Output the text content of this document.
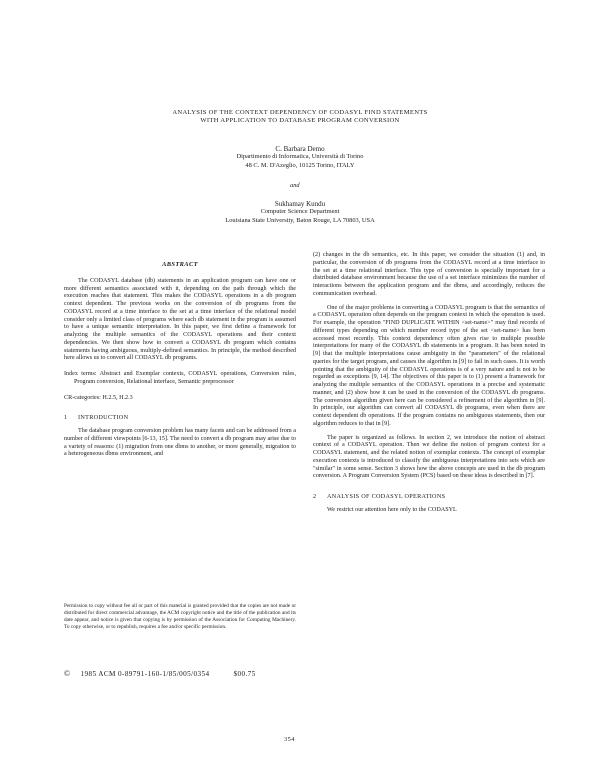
ANALYSIS OF THE CONTEXT DEPENDENCY OF CODASYL FIND STATEMENTS
WITH APPLICATION TO DATABASE PROGRAM CONVERSION
C. Barbara Demo
Dipartimento di Informatica, Università di Torino
48 C. M. D'Azeglio, 10125 Torino, ITALY
and
Sukhamay Kundu
Computer Science Department
Louisiana State University, Baton Rouge, LA 70803, USA

ABSTRACT

The CODASYL database (db) statements in an application program can have one or more different semantics associated with it, depending on the path through which the execution reaches that statement. This makes the CODASYL operations in a db program context dependent. The previous works on the conversion of db programs from the CODASYL record at a time interface to the set at a time interface of the relational model consider only a limited class of programs where each db statement in the program is assumed to have a unique semantic interpretation. In this paper, we first define a framework for analyzing the multiple semantics of the CODASYL operations and their context dependencies. We then show how to convert a CODASYL db program which contains statements having ambiguous, multiply-defined semantics. In principle, the method described here allows us to convert all CODASYL db programs.

Index terms: Abstract and Exemplar contexts, CODASYL operations, Conversion rules, Program conversion, Relational interface, Semantic preprocessor

CR-categories: H.2.5, H.2.3

1 INTRODUCTION

The database program conversion problem has many facets and can be addressed from a number of different viewpoints [6-13, 15]. The need to convert a db program may arise due to a variety of reasons: (1) migration from one dbms to another, or more generally, migration to a heterogeneous dbms environment, and

Permission to copy without fee all or part of this material is granted provided that the copies are not made or distributed for direct commercial advantage, the ACM copyright notice and the title of the publication and its date appear, and notice is given that copying is by permission of the Association for Computing Machinery. To copy otherwise, or to republish, requires a fee and/or specific permission.
© 1985 ACM 0-89791-160-1/85/005/0354	$00.75

(2) changes in the db semantics, etc. In this paper, we consider the situation (1) and, in particular, the conversion of db programs from the CODASYL record at a time interface to the set at a time relational interface. This type of conversion is specially important for a distributed database environment because the use of a set interface minimizes the number of interactions between the application program and the dbms, and accordingly, reduces the communication overhead.

One of the major problems in converting a CODASYL program is that the semantics of a CODASYL operation often depends on the program context in which the operation is used. For example, the operation "FIND DUPLICATE WITHIN <set-name>" may find records of different types depending on which member record type of the set <set-name> has been accessed most recently. This context dependency often gives rise to multiple possible interpretations for many of the CODASYL db statements in a program. It has been noted in [9] that the multiple interpretations cause ambiguity in the "parameters" of the relational queries for the target program, and causes the algorithm in [9] to fail in such cases. It is worth pointing that the ambiguity of the CODASYL operations is of a very nature and is not to be regarded as exceptions [9, 14]. The objectives of this paper is to (1) present a framework for analyzing the multiple semantics of the CODASYL operations in a precise and systematic manner, and (2) show how it can be used in the conversion of the CODASYL db programs. The conversion algorithm given here can be considered a refinement of the algorithm in [9]. In principle, our algorithm can convert all CODASYL db programs, even when there are context dependent db operations. If the program contains no ambiguous statements, then our algorithm reduces to that in [9].

The paper is organized as follows. In section 2, we introduce the notion of abstract context of a CODASYL operation. Then we define the notion of program context for a CODASYL statement, and the related notion of exemplar contexts. The concept of exemplar execution contexts is introduced to classify the ambiguous interpretations into sets which are "similar" in some sense. Section 3 shows how the above concepts are used in the db program conversion. A Program Conversion System (PCS) based on these ideas is described in [7].

2 ANALYSIS OF CODASYL OPERATIONS

We restrict our attention here only to the CODASYL

354
